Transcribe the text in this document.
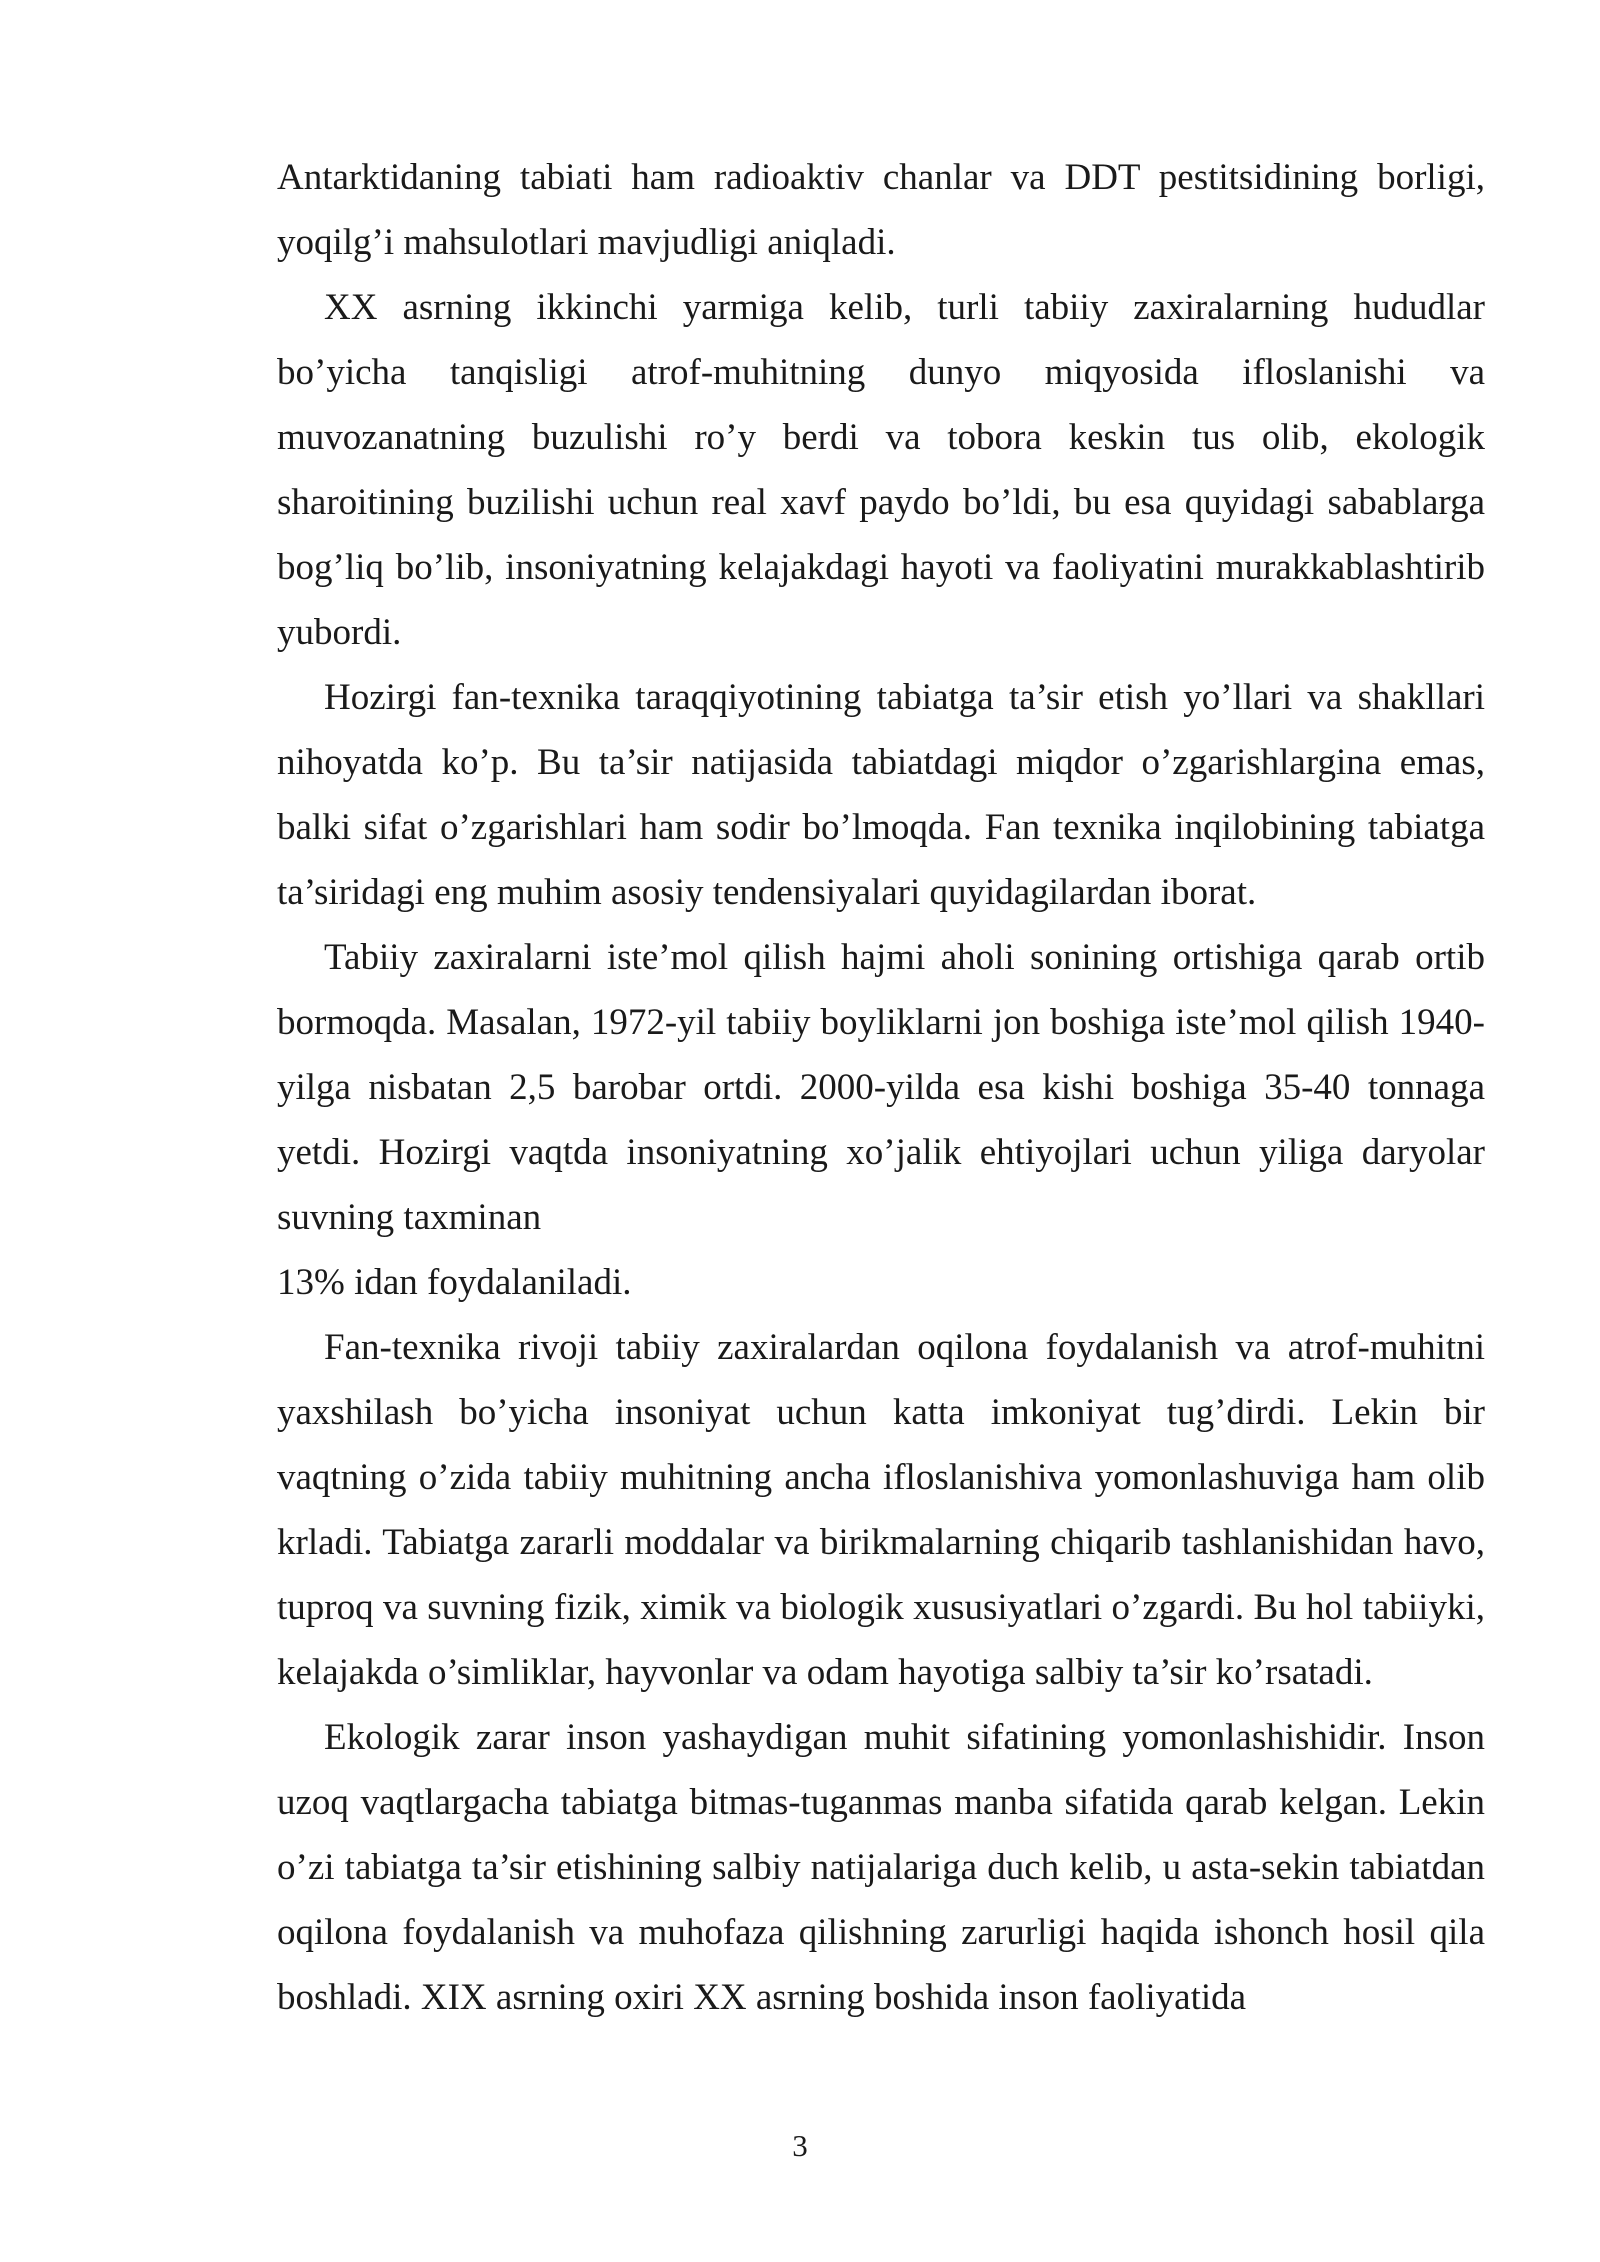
Antarktidaning tabiati ham radioaktiv chanlar va DDT pestitsidining borligi, yoqilg’i mahsulotlari mavjudligi aniqladi.

XX asrning ikkinchi yarmiga kelib, turli tabiiy zaxiralarning hududlar bo’yicha tanqisligi atrof-muhitning dunyo miqyosida ifloslanishi va muvozanatning buzulishi ro’y berdi va tobora keskin tus olib, ekologik sharoitining buzilishi uchun real xavf paydo bo’ldi, bu esa quyidagi sabablarga bog’liq bo’lib, insoniyatning kelajakdagi hayoti va faoliyatini murakkablashtirib yubordi.

Hozirgi fan-texnika taraqqiyotining tabiatga ta’sir etish yo’llari va shakllari nihoyatda ko’p. Bu ta’sir natijasida tabiatdagi miqdor o’zgarishlargina emas, balki sifat o’zgarishlari ham sodir bo’lmoqda. Fan texnika inqilobining tabiatga ta’siridagi eng muhim asosiy tendensiyalari quyidagilardan iborat.

Tabiiy zaxiralarni iste’mol qilish hajmi aholi sonining ortishiga qarab ortib bormoqda. Masalan, 1972-yil tabiiy boyliklarni jon boshiga iste’mol qilish 1940-yilga nisbatan 2,5 barobar ortdi. 2000-yilda esa kishi boshiga 35-40 tonnaga yetdi. Hozirgi vaqtda insoniyatning xo’jalik ehtiyojlari uchun yiliga daryolar suvning taxminan

13% idan foydalaniladi.

Fan-texnika rivoji tabiiy zaxiralardan oqilona foydalanish va atrof-muhitni yaxshilash bo’yicha insoniyat uchun katta imkoniyat tug’dirdi. Lekin bir vaqtning o’zida tabiiy muhitning ancha ifloslanishiva yomonlashuviga ham olib krladi. Tabiatga zararli moddalar va birikmalarning chiqarib tashlanishidan havo, tuproq va suvning fizik, ximik va biologik xususiyatlari o’zgardi. Bu hol tabiiyki, kelajakda o’simliklar, hayvonlar va odam hayotiga salbiy ta’sir ko’rsatadi.

Ekologik zarar inson yashaydigan muhit sifatining yomonlashishidir. Inson uzoq vaqtlargacha tabiatga bitmas-tuganmas manba sifatida qarab kelgan. Lekin o’zi tabiatga ta’sir etishining salbiy natijalariga duch kelib, u asta-sekin tabiatdan oqilona foydalanish va muhofaza qilishning zarurligi haqida ishonch hosil qila boshladi. XIX asrning oxiri XX asrning boshida inson faoliyatida

3
